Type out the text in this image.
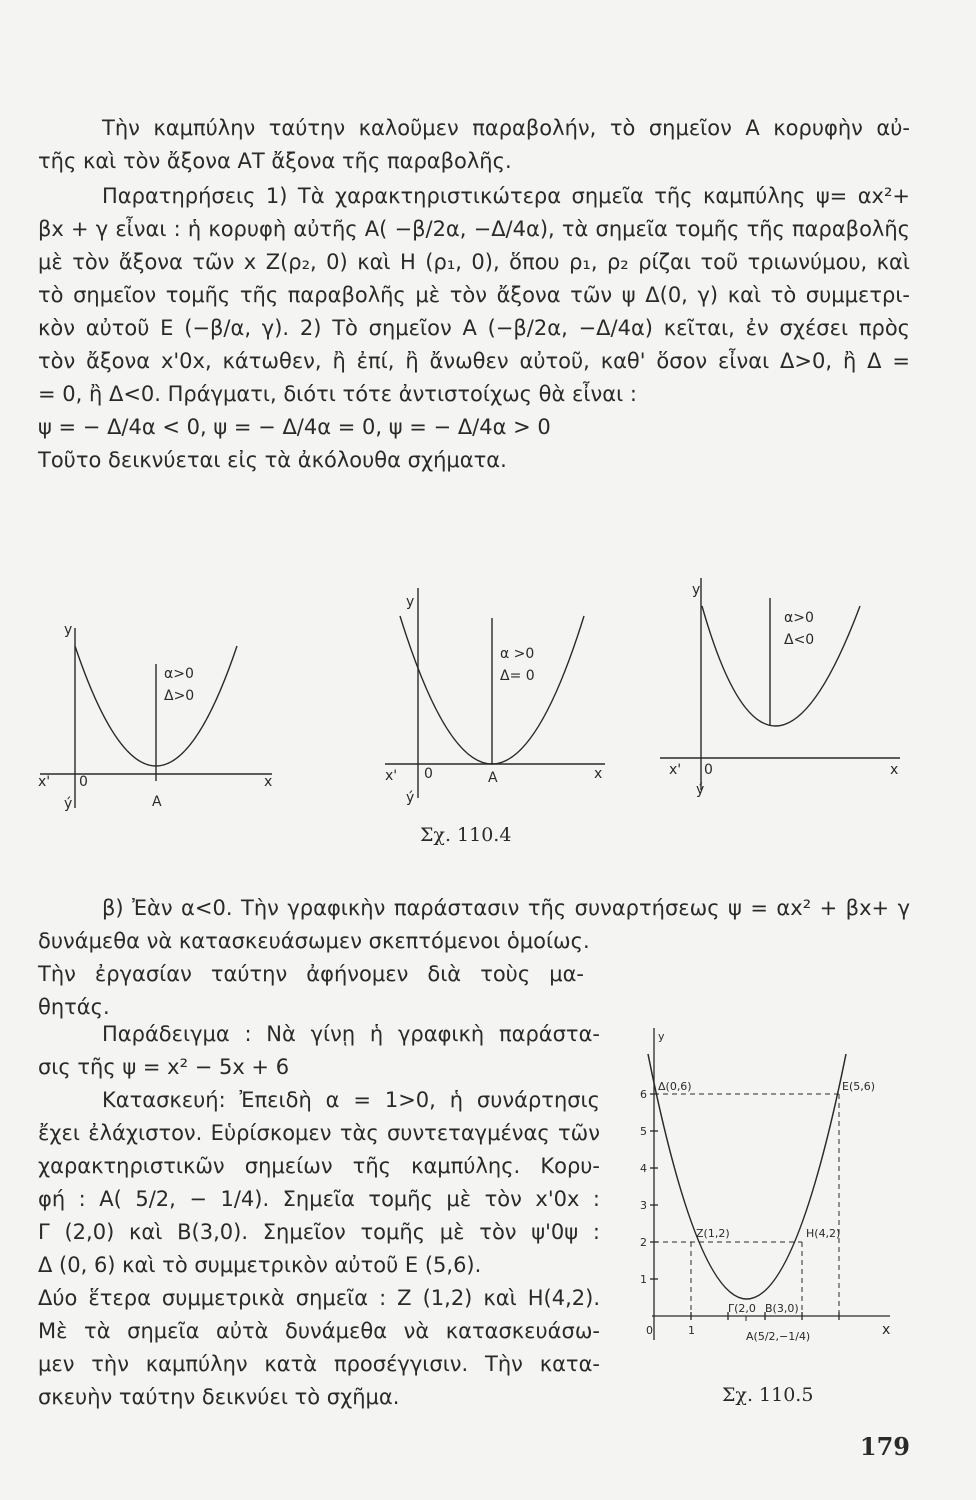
Τὴν καμπύλην ταύτην καλοῦμεν παραβολήν, τὸ σημεῖον Α κορυφὴν αὐ-
τῆς καὶ τὸν ἄξονα ΑΤ ἄξονα τῆς παραβολῆς.
Παρατηρήσεις 1) Τὰ χαρακτηριστικώτερα σημεῖα τῆς καμπύλης ψ= αx²+
βx + γ εἶναι : ἡ κορυφὴ αὐτῆς Α( −β/2α, −Δ/4α), τὰ σημεῖα τομῆς τῆς παραβολῆς
μὲ τὸν ἄξονα τῶν x Ζ(ρ₂, 0) καὶ Η (ρ₁, 0), ὅπου ρ₁, ρ₂ ρίζαι τοῦ τριωνύμου, καὶ
τὸ σημεῖον τομῆς τῆς παραβολῆς μὲ τὸν ἄξονα τῶν ψ Δ(0, γ) καὶ τὸ συμμετρι-
κὸν αὐτοῦ Ε (−β/α, γ). 2) Τὸ σημεῖον Α (−β/2α, −Δ/4α) κεῖται, ἐν σχέσει πρὸς
τὸν ἄξονα x'0x, κάτωθεν, ἢ ἐπί, ἢ ἄνωθεν αὐτοῦ, καθ' ὅσον εἶναι Δ>0, ἢ Δ =
= 0, ἢ Δ<0. Πράγματι, διότι τότε ἀντιστοίχως θὰ εἶναι :
ψ = − Δ/4α < 0, ψ = − Δ/4α = 0, ψ = − Δ/4α > 0
Τοῦτο δεικνύεται εἰς τὰ ἀκόλουθα σχήματα.
y
α>0
Δ>0
x' 0	x
ý	A
y
α >0
Δ= 0
x' 0	A	x
ý
y
α>0
Δ<0
x' 0	x
ý
Σχ. 110.4
β) Ἐὰν α<0. Τὴν γραφικὴν παράστασιν τῆς συναρτήσεως ψ = αx² + βx+ γ
δυνάμεθα νὰ κατασκευάσωμεν σκεπτόμενοι ὁμοίως.
Τὴν ἐργασίαν ταύτην ἀφήνομεν διὰ τοὺς μα-
θητάς.
Παράδειγμα : Νὰ γίνῃ ἡ γραφικὴ παράστα-
σις τῆς ψ = x² − 5x + 6
Κατασκευή: Ἐπειδὴ α = 1>0, ἡ συνάρτησις
ἔχει ἐλάχιστον. Εὑρίσκομεν τὰς συντεταγμένας τῶν
χαρακτηριστικῶν σημείων τῆς καμπύλης. Κορυ-
φή : Α( 5/2, − 1/4). Σημεῖα τομῆς μὲ τὸν x'0x :
Γ (2,0) καὶ Β(3,0). Σημεῖον τομῆς μὲ τὸν ψ'0ψ :
Δ (0, 6) καὶ τὸ συμμετρικὸν αὐτοῦ Ε (5,6).
Δύο ἕτερα συμμετρικὰ σημεῖα : Ζ (1,2) καὶ Η(4,2).
Μὲ τὰ σημεῖα αὐτὰ δυνάμεθα νὰ κατασκευάσω-
μεν τὴν καμπύλην κατὰ προσέγγισιν. Τὴν κατα-
σκευὴν ταύτην δεικνύει τὸ σχῆμα.
y
x
0
6
5
4
3
2
1
1
Δ(0,6)	Ε(5,6)
Ζ(1,2)	Η(4,2)
Γ(2,0 Β(3,0)
Α(5/2,−1/4)
Σχ. 110.5
179
